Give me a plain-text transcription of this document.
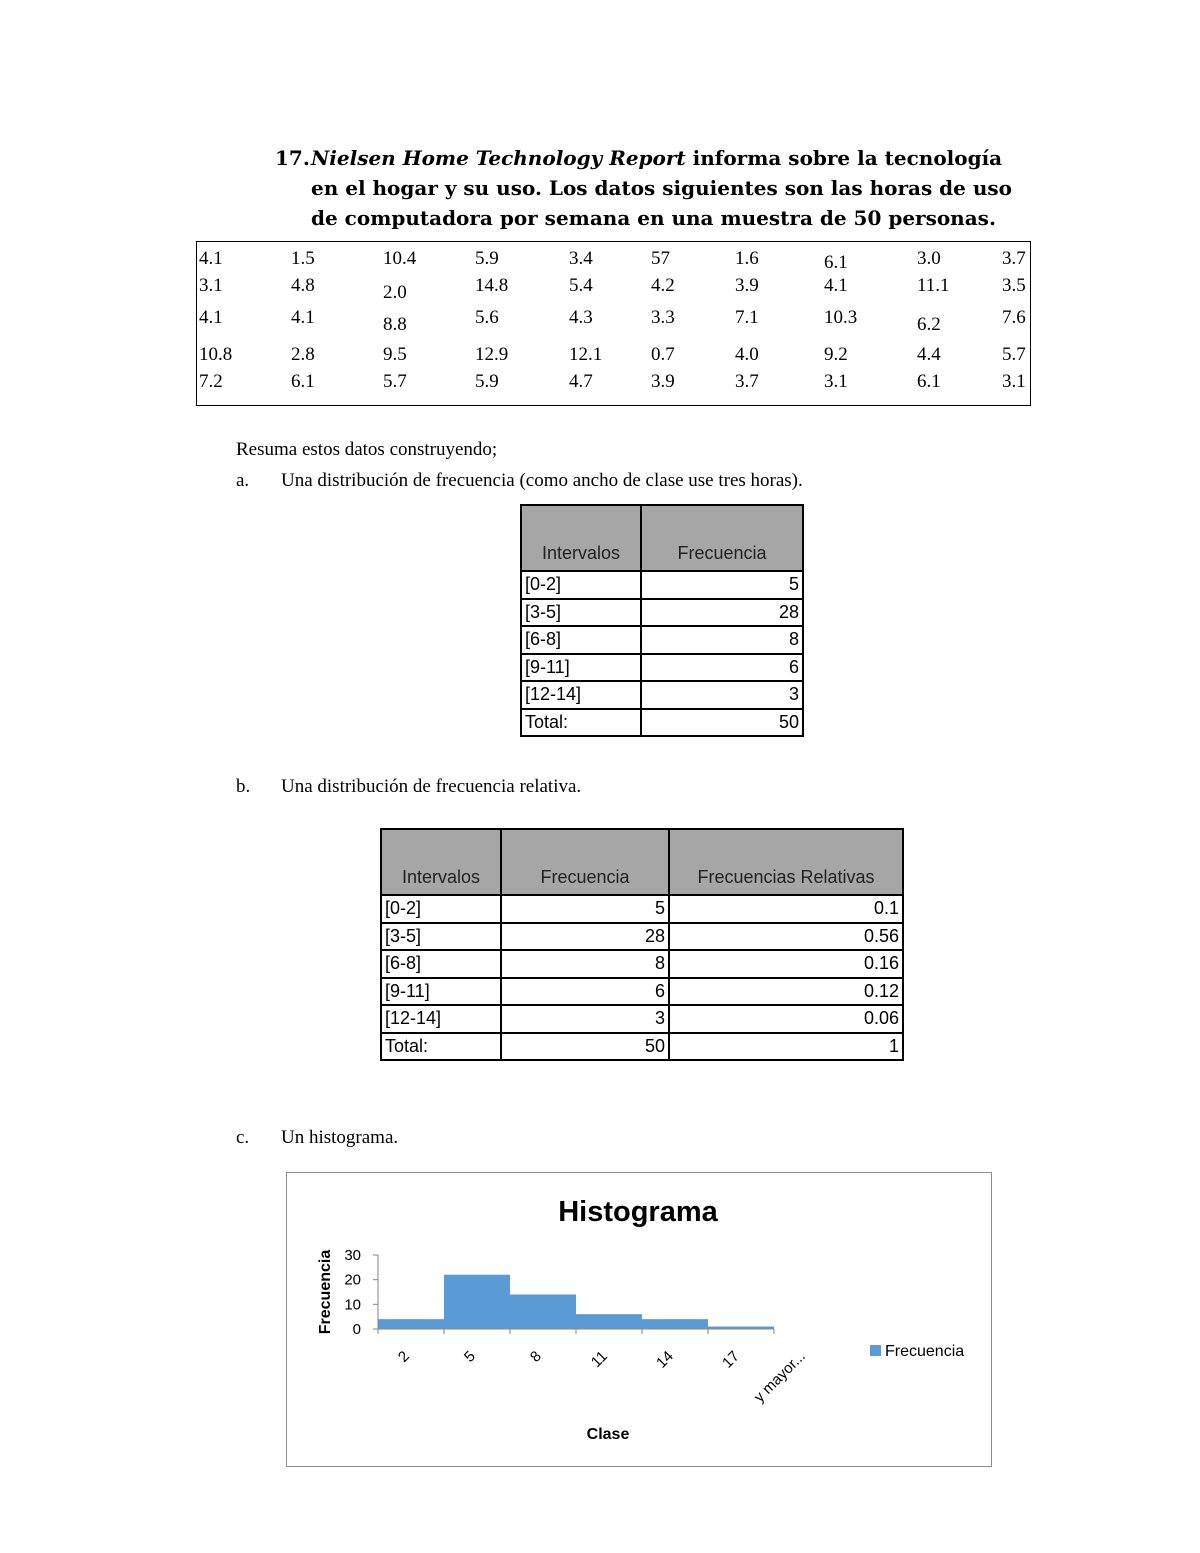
17. Nielsen Home Technology Report informa sobre la tecnología en el hogar y su uso. Los datos siguientes son las horas de uso de computadora por semana en una muestra de 50 personas.
4.1	1.5	10.4	5.9	3.4	57	1.6	6.1	3.0	3.7
3.1	4.8	2.0	14.8	5.4	4.2	3.9	4.1	11.1	3.5
4.1	4.1	8.8	5.6	4.3	3.3	7.1	10.3	6.2	7.6
10.8	2.8	9.5	12.9	12.1	0.7	4.0	9.2	4.4	5.7
7.2	6.1	5.7	5.9	4.7	3.9	3.7	3.1	6.1	3.1
Resuma estos datos construyendo;
a. Una distribución de frecuencia (como ancho de clase use tres horas).
Intervalos	Frecuencia
[0-2]	5
[3-5]	28
[6-8]	8
[9-11]	6
[12-14]	3
Total:	50
b. Una distribución de frecuencia relativa.
Intervalos	Frecuencia	Frecuencias Relativas
[0-2]	5	0.1
[3-5]	28	0.56
[6-8]	8	0.16
[9-11]	6	0.12
[12-14]	3	0.06
Total:	50	1
c. Un histograma.
Histograma
Frecuencia
Clase
0
10
20
30
2	5	8	11	14	17 y mayor...	Frecuencia
